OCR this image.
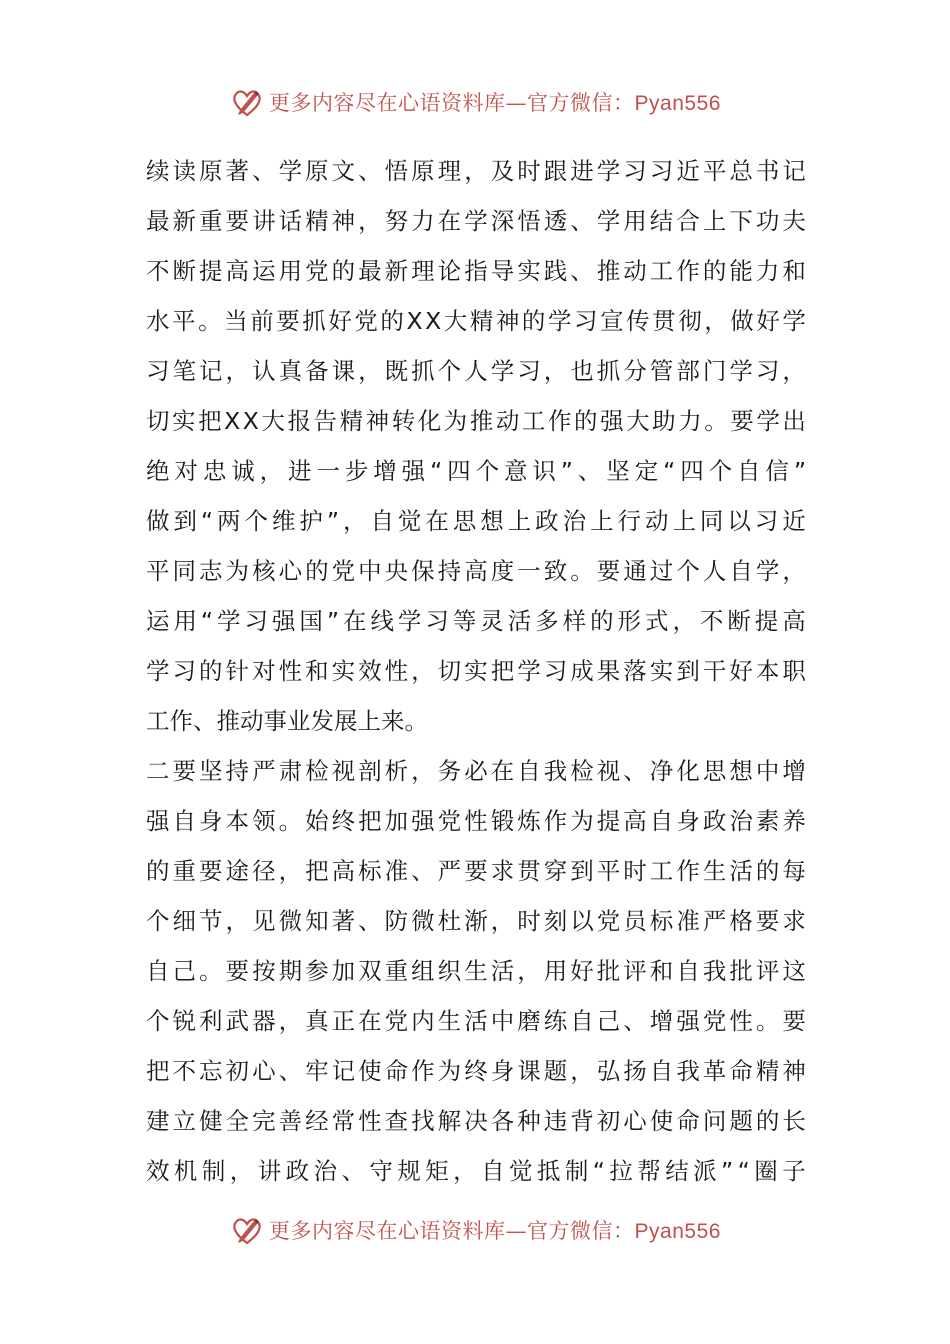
更多内容尽在心语资料库—官方微信：Pyan556
续 读 原 著 、 学 原 文 、 悟 原 理 ， 及 时 跟 进 学 习 习 近 平 总 书 记
最 新 重 要 讲 话 精 神 ， 努 力 在 学 深 悟 透 、 学 用 结 合 上 下 功 夫
不 断 提 高 运 用 党 的 最 新 理 论 指 导 实 践 、 推 动 工 作 的 能 力 和
水 平 。 当 前 要 抓 好 党 的 X X 大 精 神 的 学 习 宣 传 贯 彻 ， 做 好 学
习 笔 记 ， 认 真 备 课 ， 既 抓 个 人 学 习 ， 也 抓 分 管 部 门 学 习 ，
切 实 把 X X 大 报 告 精 神 转 化 为 推 动 工 作 的 强 大 助 力 。 要 学 出
绝 对 忠 诚 ， 进 一 步 增 强 “ 四 个 意 识 ” 、 坚 定 “ 四 个 自 信 ”
做 到 “ 两 个 维 护 ” ， 自 觉 在 思 想 上 政 治 上 行 动 上 同 以 习 近
平 同 志 为 核 心 的 党 中 央 保 持 高 度 一 致 。 要 通 过 个 人 自 学 ，
运 用 “ 学 习 强 国 ” 在 线 学 习 等 灵 活 多 样 的 形 式 ， 不 断 提 高
学 习 的 针 对 性 和 实 效 性 ， 切 实 把 学 习 成 果 落 实 到 干 好 本 职
工作、推动事业发展上来。
二 要 坚 持 严 肃 检 视 剖 析 ， 务 必 在 自 我 检 视 、 净 化 思 想 中 增
强 自 身 本 领 。 始 终 把 加 强 党 性 锻 炼 作 为 提 高 自 身 政 治 素 养
的 重 要 途 径 ， 把 高 标 准 、 严 要 求 贯 穿 到 平 时 工 作 生 活 的 每
个 细 节 ， 见 微 知 著 、 防 微 杜 渐 ， 时 刻 以 党 员 标 准 严 格 要 求
自 己 。 要 按 期 参 加 双 重 组 织 生 活 ， 用 好 批 评 和 自 我 批 评 这
个 锐 利 武 器 ， 真 正 在 党 内 生 活 中 磨 练 自 己 、 增 强 党 性 。 要
把 不 忘 初 心 、 牢 记 使 命 作 为 终 身 课 题 ， 弘 扬 自 我 革 命 精 神
建 立 健 全 完 善 经 常 性 查 找 解 决 各 种 违 背 初 心 使 命 问 题 的 长
效 机 制 ， 讲 政 治 、 守 规 矩 ， 自 觉 抵 制 “ 拉 帮 结 派 ” “ 圈 子
更多内容尽在心语资料库—官方微信：Pyan556
